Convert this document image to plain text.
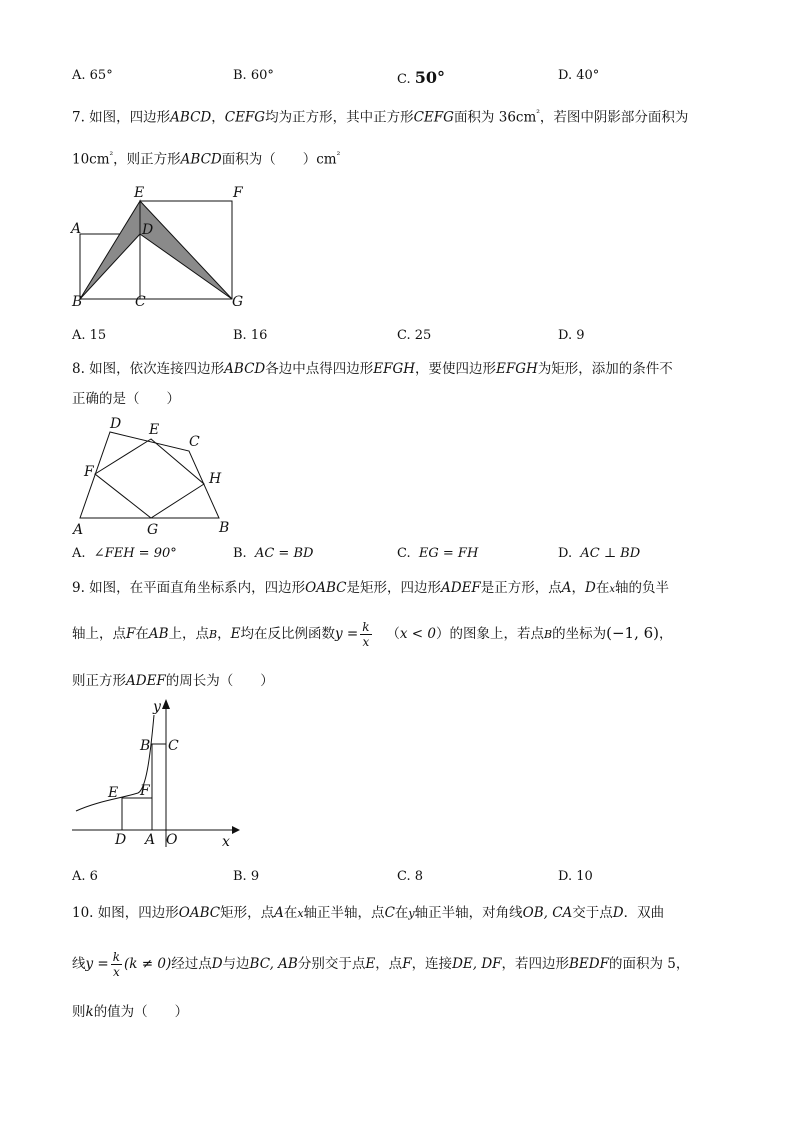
A. 65°	B. 60°	C. 50°	D. 40°
7. 如图，四边形ABCD，CEFG均为正方形，其中正方形CEFG面积为 $36cm^{^2}$，若图中阴影部分面积为
$10cm^{^2}$，则正方形ABCD面积为（　　）$cm^{^2}$
E	F
A	D
B	C	G
A. 15	B. 16	C. 25	D. 9
8. 如图，依次连接四边形ABCD各边中点得四边形EFGH，要使四边形EFGH为矩形，添加的条件不
正确的是（　　）
D E
C
F	H
A	G	B
A. ∠FEH = 90°	B. AC = BD	C. EG = FH	D. AC ⊥ BD
9. 如图，在平面直角坐标系内，四边形OABC是矩形，四边形ADEF是正方形，点A，D在x轴的负半
轴上，点F在AB上，点B，E均在反比例函数$y = \frac{k}{x} (x < 0)$的图象上，若点B的坐标为(−1, 6)，
则正方形ADEF的周长为（　　）
y
B C
E F
D A O	x
A. 6	B. 9	C. 8	D. 10
10. 如图，四边形OABC矩形，点A在x轴正半轴，点C在y轴正半轴，对角线OB, CA交于点D．双曲
线$y = \frac{k}{x} (k \ne 0)$经过点D与边BC, AB分别交于点E，点F，连接DE, DF，若四边形BEDF的面积为 5，
则k的值为（　　）
